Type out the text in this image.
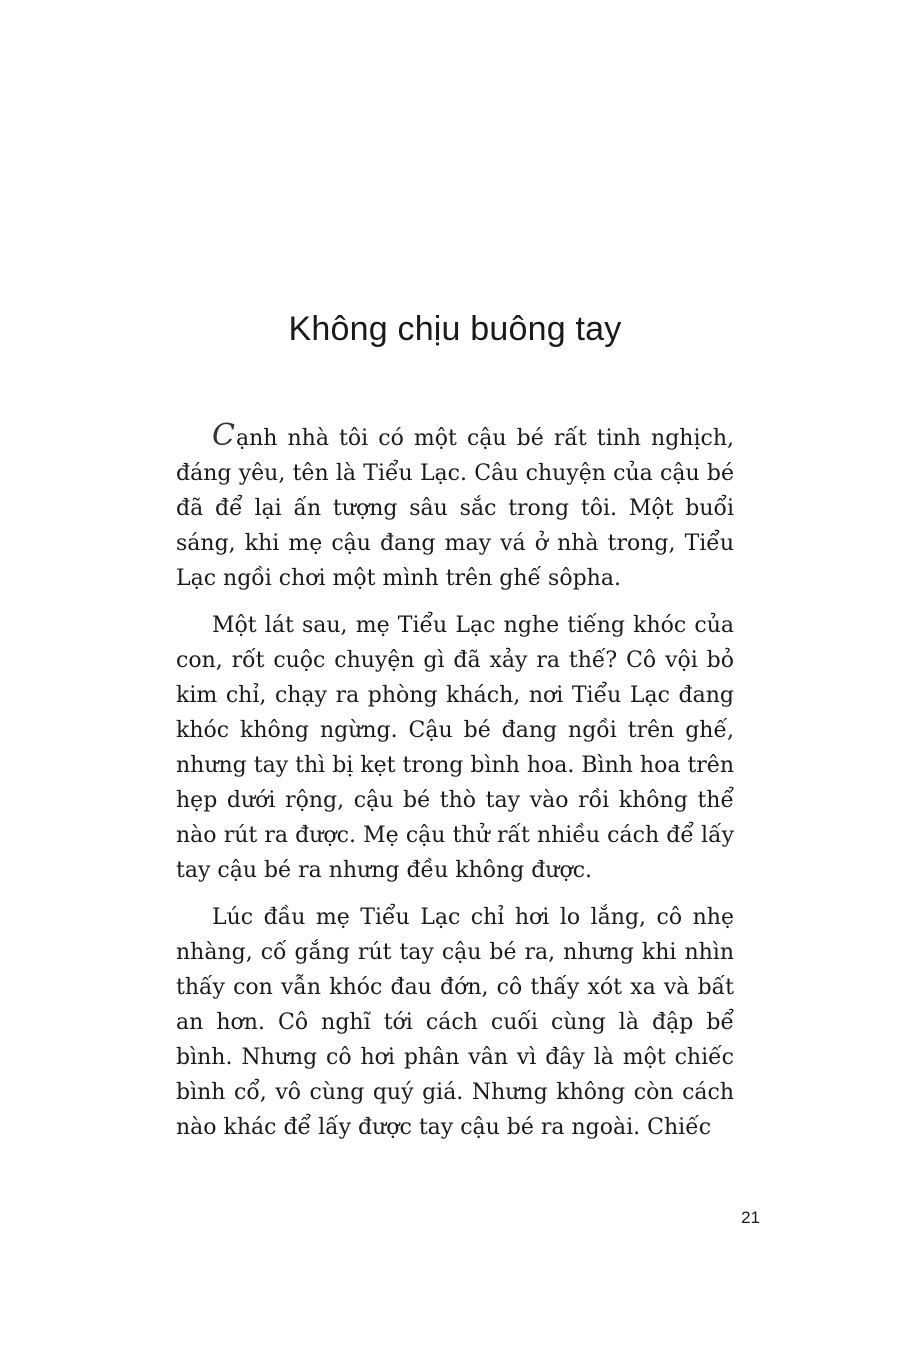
Không chịu buông tay

Cạnh nhà tôi có một cậu bé rất tinh nghịch, đáng yêu, tên là Tiểu Lạc. Câu chuyện của cậu bé đã để lại ấn tượng sâu sắc trong tôi. Một buổi sáng, khi mẹ cậu đang may vá ở nhà trong, Tiểu Lạc ngồi chơi một mình trên ghế sôpha.

Một lát sau, mẹ Tiểu Lạc nghe tiếng khóc của con, rốt cuộc chuyện gì đã xảy ra thế? Cô vội bỏ kim chỉ, chạy ra phòng khách, nơi Tiểu Lạc đang khóc không ngừng. Cậu bé đang ngồi trên ghế, nhưng tay thì bị kẹt trong bình hoa. Bình hoa trên hẹp dưới rộng, cậu bé thò tay vào rồi không thể nào rút ra được. Mẹ cậu thử rất nhiều cách để lấy tay cậu bé ra nhưng đều không được.

Lúc đầu mẹ Tiểu Lạc chỉ hơi lo lắng, cô nhẹ nhàng, cố gắng rút tay cậu bé ra, nhưng khi nhìn thấy con vẫn khóc đau đớn, cô thấy xót xa và bất an hơn. Cô nghĩ tới cách cuối cùng là đập bể bình. Nhưng cô hơi phân vân vì đây là một chiếc bình cổ, vô cùng quý giá. Nhưng không còn cách nào khác để lấy được tay cậu bé ra ngoài. Chiếc

21
